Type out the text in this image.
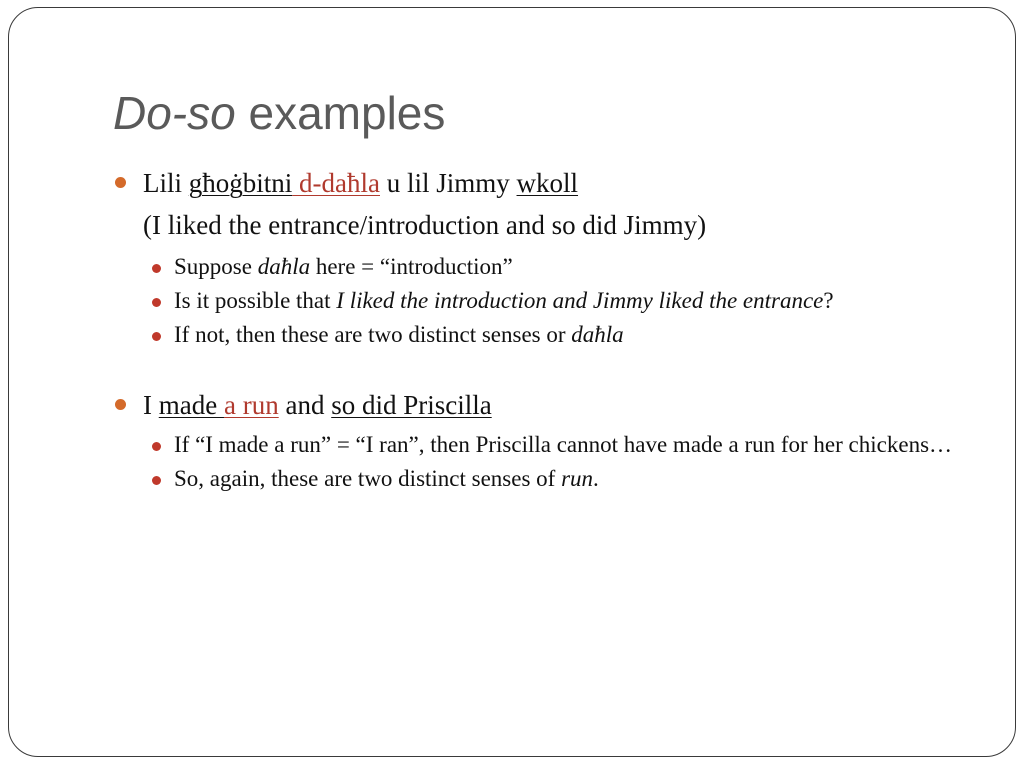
Do-so examples
Lili għoġbitni d-daħla u lil Jimmy wkoll
(I liked the entrance/introduction and so did Jimmy)
Suppose daħla here = “introduction”
Is it possible that I liked the introduction and Jimmy liked the entrance?
If not, then these are two distinct senses or daħla
I made a run and so did Priscilla
If “I made a run” = “I ran”, then Priscilla cannot have made a run for her chickens…
So, again, these are two distinct senses of run.
